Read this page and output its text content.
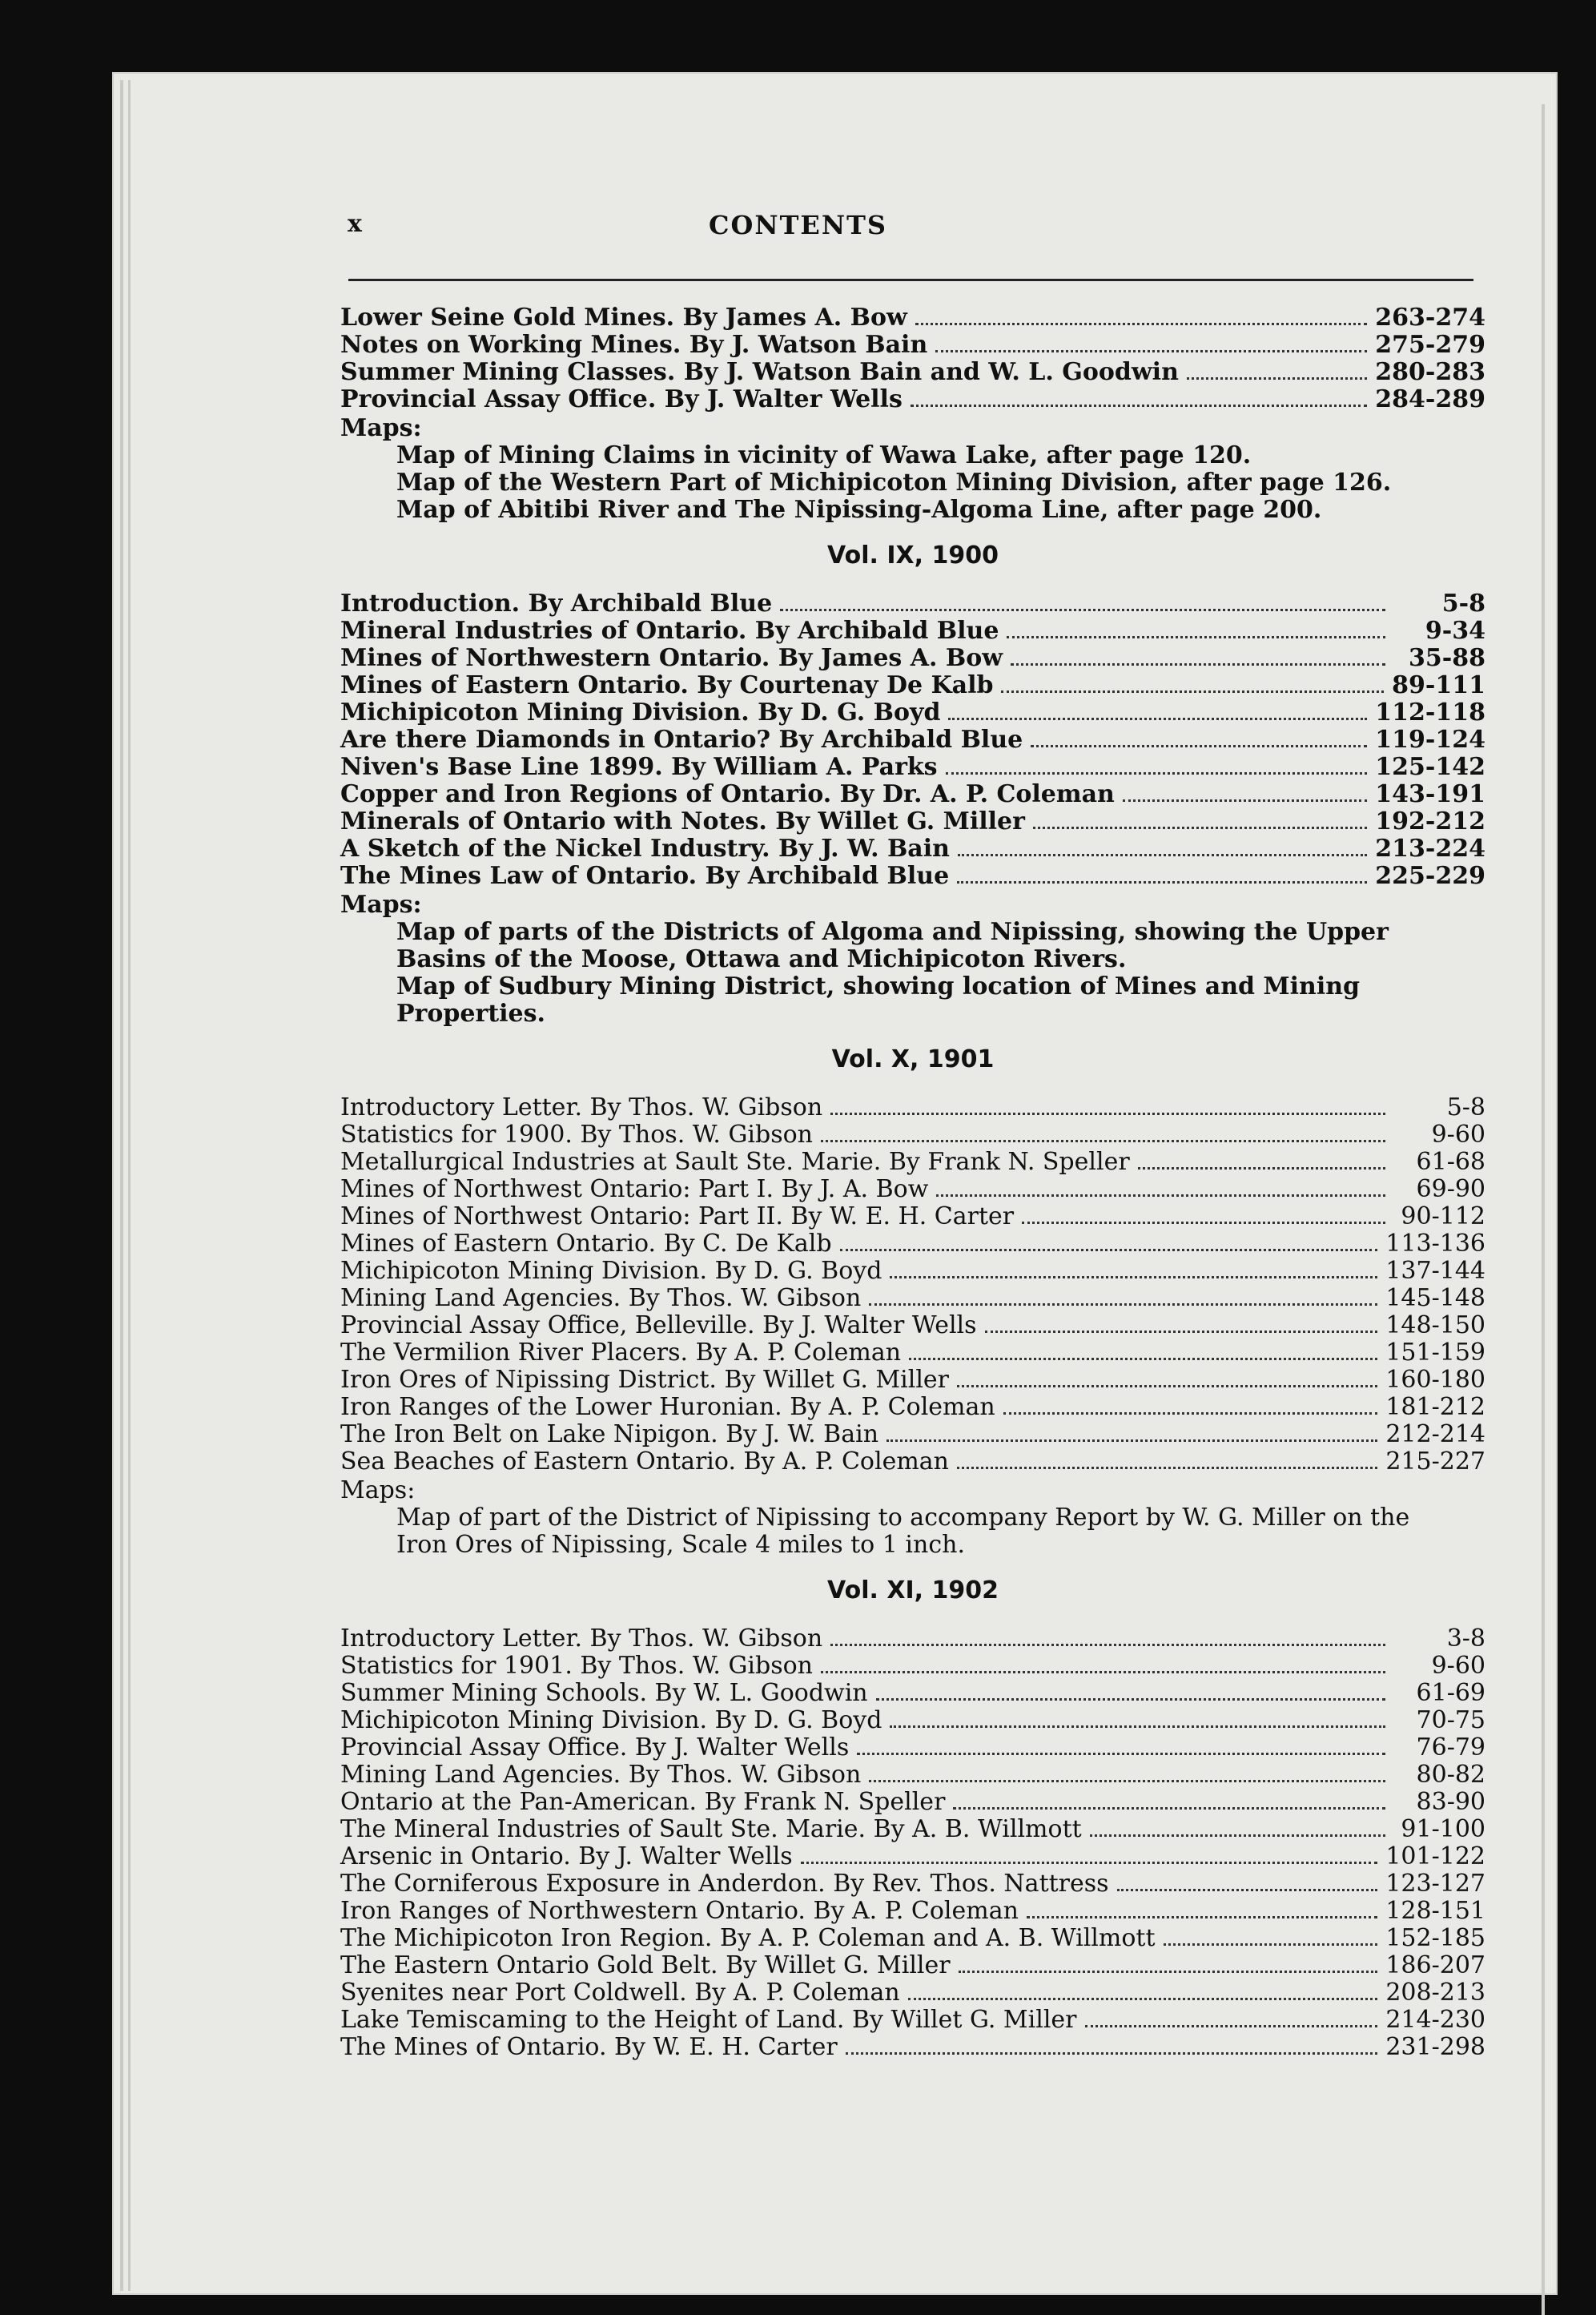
x	CONTENTS
Lower Seine Gold Mines. By James A. Bow	263-274
Notes on Working Mines. By J. Watson Bain	275-279
Summer Mining Classes. By J. Watson Bain and W. L. Goodwin	280-283
Provincial Assay Office. By J. Walter Wells	284-289
Maps:
Map of Mining Claims in vicinity of Wawa Lake, after page 120.
Map of the Western Part of Michipicoton Mining Division, after page 126.
Map of Abitibi River and The Nipissing-Algoma Line, after page 200.
Vol. IX, 1900
Introduction. By Archibald Blue	5-8
Mineral Industries of Ontario. By Archibald Blue	9-34
Mines of Northwestern Ontario. By James A. Bow	35-88
Mines of Eastern Ontario. By Courtenay De Kalb	89-111
Michipicoton Mining Division. By D. G. Boyd	112-118
Are there Diamonds in Ontario? By Archibald Blue	119-124
Niven's Base Line 1899. By William A. Parks	125-142
Copper and Iron Regions of Ontario. By Dr. A. P. Coleman	143-191
Minerals of Ontario with Notes. By Willet G. Miller	192-212
A Sketch of the Nickel Industry. By J. W. Bain	213-224
The Mines Law of Ontario. By Archibald Blue	225-229
Maps:
Map of parts of the Districts of Algoma and Nipissing, showing the Upper Basins of the Moose, Ottawa and Michipicoton Rivers.
Map of Sudbury Mining District, showing location of Mines and Mining Properties.
Vol. X, 1901
Introductory Letter. By Thos. W. Gibson	5-8
Statistics for 1900. By Thos. W. Gibson	9-60
Metallurgical Industries at Sault Ste. Marie. By Frank N. Speller	61-68
Mines of Northwest Ontario: Part I. By J. A. Bow	69-90
Mines of Northwest Ontario: Part II. By W. E. H. Carter	90-112
Mines of Eastern Ontario. By C. De Kalb	113-136
Michipicoton Mining Division. By D. G. Boyd	137-144
Mining Land Agencies. By Thos. W. Gibson	145-148
Provincial Assay Office, Belleville. By J. Walter Wells	148-150
The Vermilion River Placers. By A. P. Coleman	151-159
Iron Ores of Nipissing District. By Willet G. Miller	160-180
Iron Ranges of the Lower Huronian. By A. P. Coleman	181-212
The Iron Belt on Lake Nipigon. By J. W. Bain	212-214
Sea Beaches of Eastern Ontario. By A. P. Coleman	215-227
Maps:
Map of part of the District of Nipissing to accompany Report by W. G. Miller on the Iron Ores of Nipissing, Scale 4 miles to 1 inch.
Vol. XI, 1902
Introductory Letter. By Thos. W. Gibson	3-8
Statistics for 1901. By Thos. W. Gibson	9-60
Summer Mining Schools. By W. L. Goodwin	61-69
Michipicoton Mining Division. By D. G. Boyd	70-75
Provincial Assay Office. By J. Walter Wells	76-79
Mining Land Agencies. By Thos. W. Gibson	80-82
Ontario at the Pan-American. By Frank N. Speller	83-90
The Mineral Industries of Sault Ste. Marie. By A. B. Willmott	91-100
Arsenic in Ontario. By J. Walter Wells	101-122
The Corniferous Exposure in Anderdon. By Rev. Thos. Nattress	123-127
Iron Ranges of Northwestern Ontario. By A. P. Coleman	128-151
The Michipicoton Iron Region. By A. P. Coleman and A. B. Willmott	152-185
The Eastern Ontario Gold Belt. By Willet G. Miller	186-207
Syenites near Port Coldwell. By A. P. Coleman	208-213
Lake Temiscaming to the Height of Land. By Willet G. Miller	214-230
The Mines of Ontario. By W. E. H. Carter	231-298
